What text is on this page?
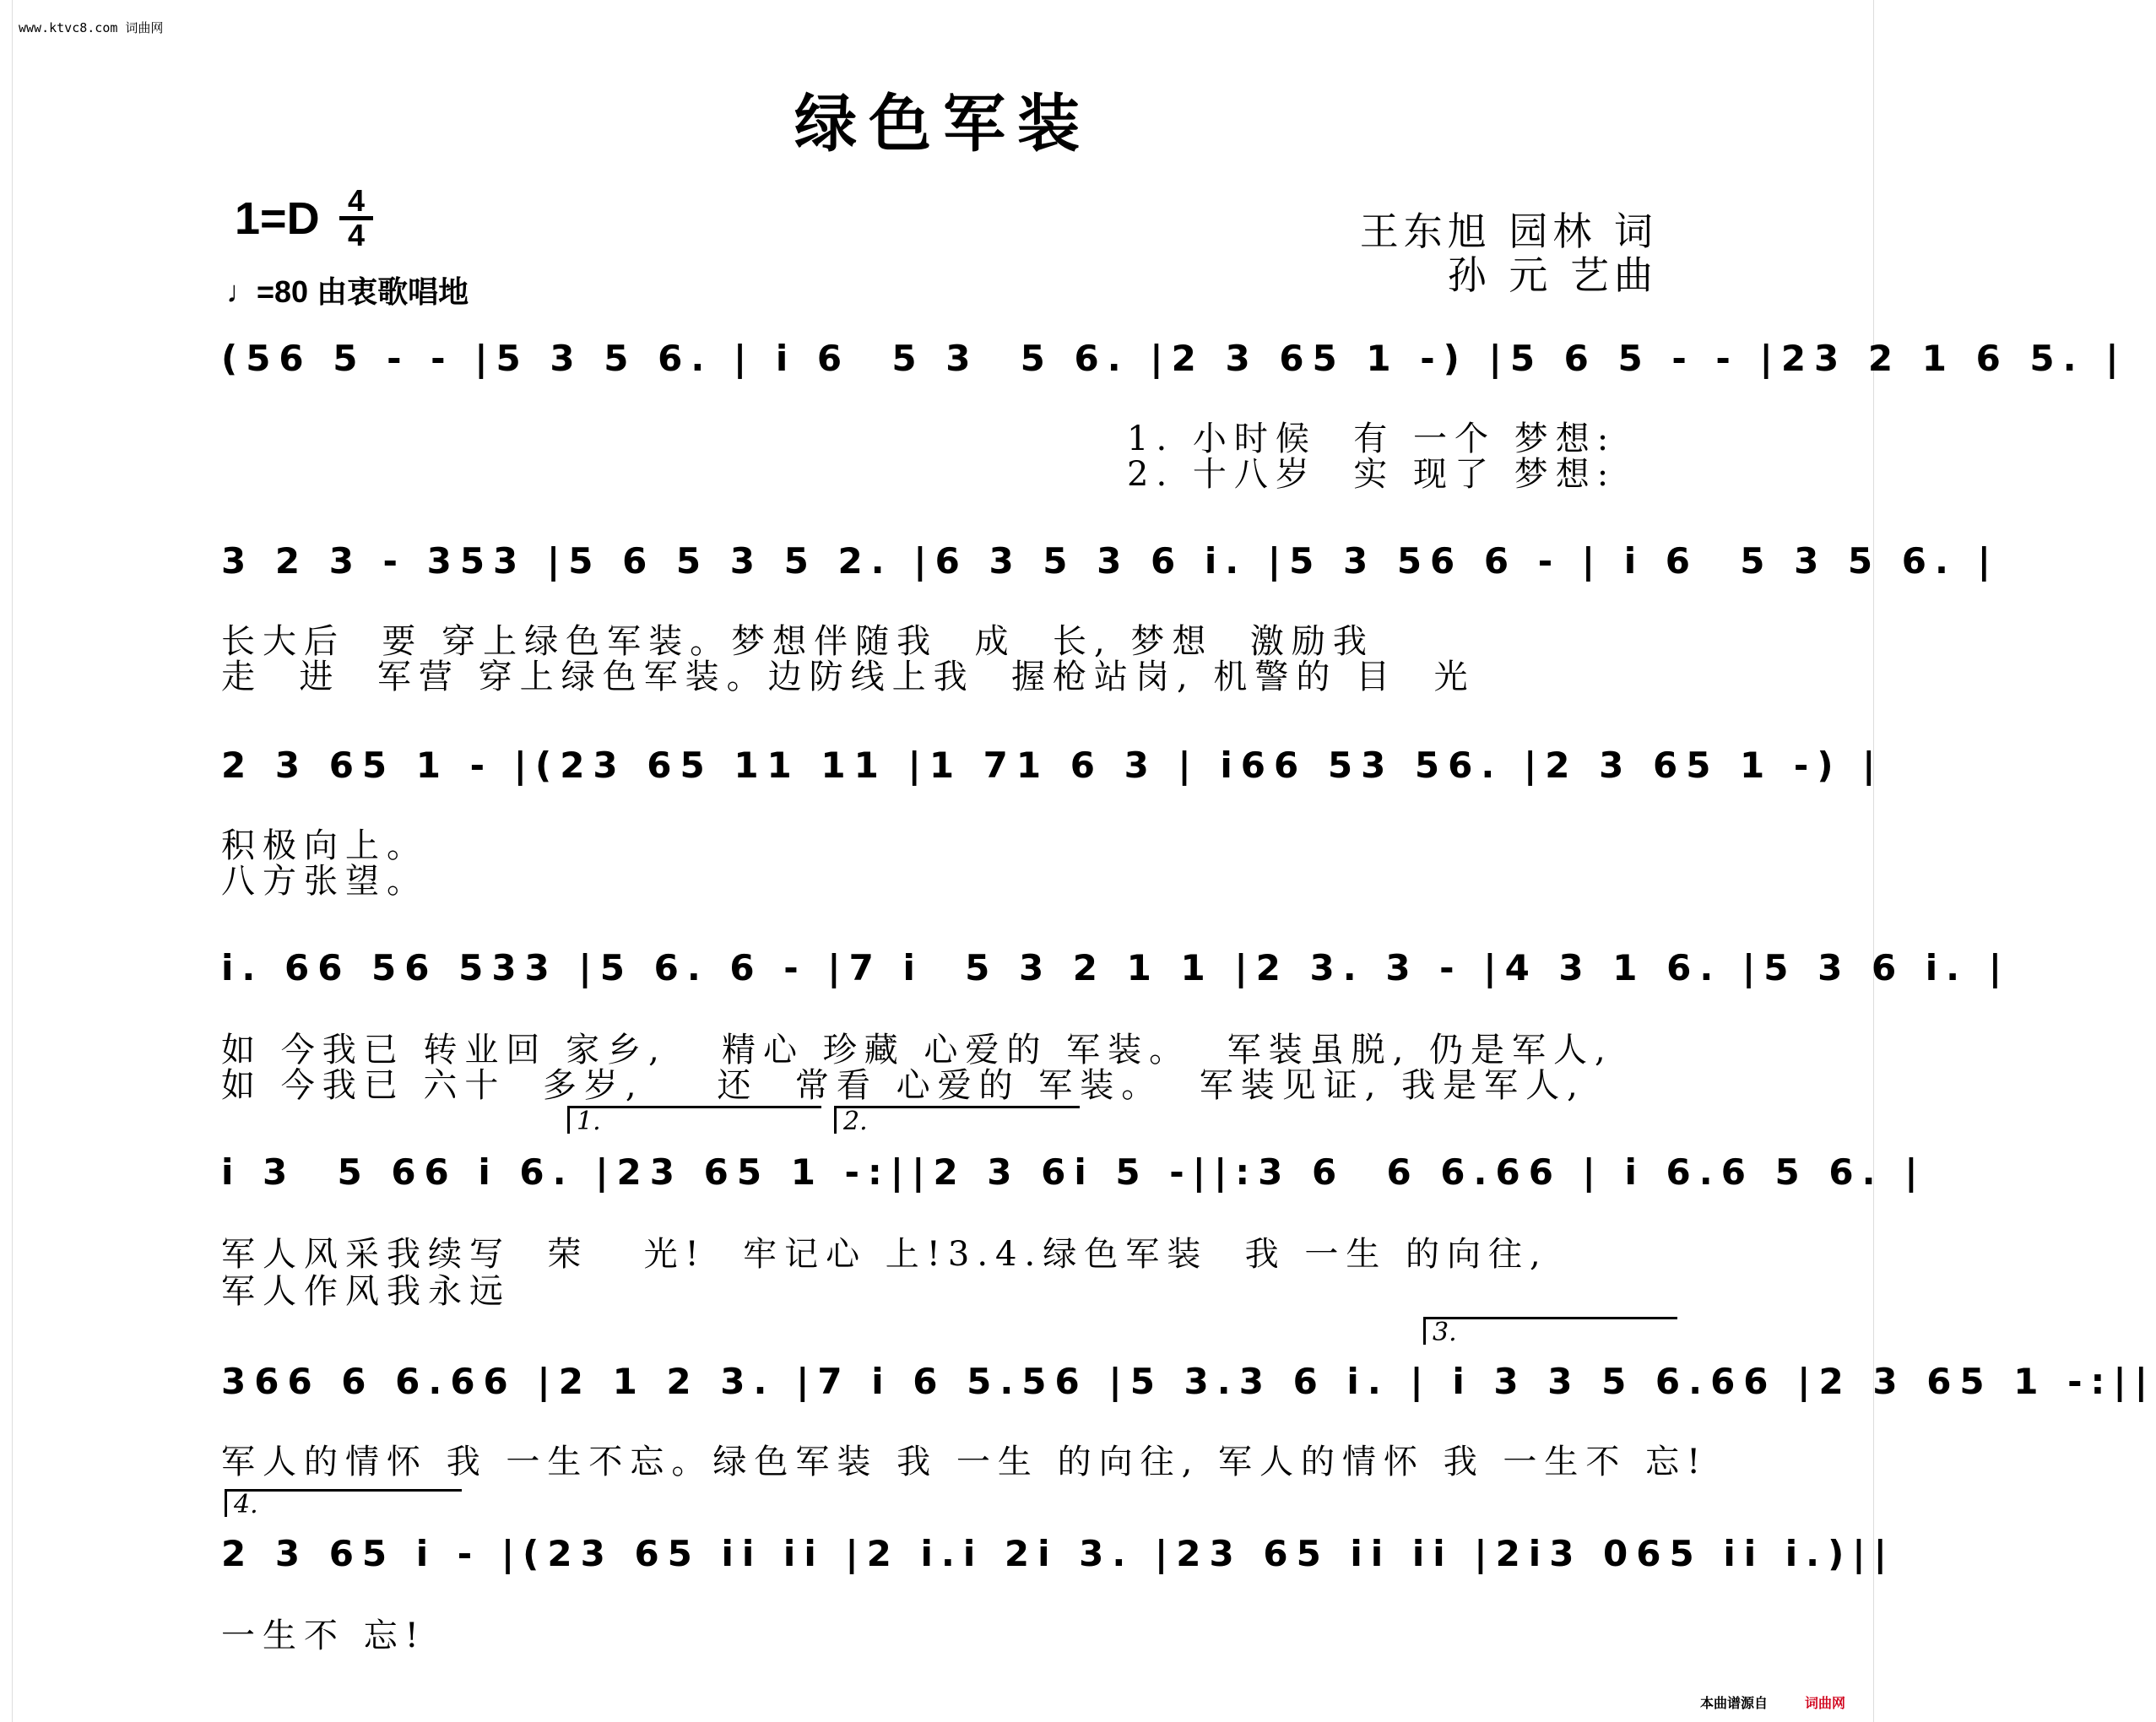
www.ktvc8.com 词曲网
绿色军装
1=D 4
4
♩=80 由衷歌唱地
王东旭 园林 词
孙 元 艺曲
(56 5 - - |5 3 5 6. | i 6  5 3  5 6. |2 3 65 1 -) |5 6 5 - - |23 2 1 6 5. |
1. 小时候  有 一个 梦想:
2. 十八岁  实 现了 梦想:
3 2 3 - 353 |5 6 5 3 5 2. |6 3 5 3 6 i. |5 3 56 6 - | i 6  5 3 5 6. |
长大后  要 穿上绿色军装。梦想伴随我  成  长, 梦想  激励我
走  进  军营 穿上绿色军装。边防线上我  握枪站岗, 机警的 目  光
2 3 65 1 - |(23 65 11 11 |1 71 6 3 | i66 53 56. |2 3 65 1 -) |
积极向上。
八方张望。
i. 66 56 533 |5 6. 6 - |7 i  5 3 2 1 1 |2 3. 3 - |4 3 1 6. |5 3 6 i. |
如 今我已 转业回 家乡,   精心 珍藏 心爱的 军装。  军装虽脱, 仍是军人,
如 今我已 六十  多岁,    还  常看 心爱的 军装。  军装见证, 我是军人,
1.	2.
i 3  5 66 i 6. |23 65 1 -:||2 3 6i 5 -||:3 6  6 6.66 | i 6.6 5 6. |
军人风采我续写  荣   光!  牢记心 上!3.4.绿色军装  我 一生 的向往,
军人作风我永远
3.
366 6 6.66 |2 1 2 3. |7 i 6 5.56 |5 3.3 6 i. | i 3 3 5 6.66 |2 3 65 1 -:||
军人的情怀 我 一生不忘。绿色军装 我 一生 的向往, 军人的情怀 我 一生不 忘!
4.
2 3 65 i - |(23 65 ii ii |2 i.i 2i 3. |23 65 ii ii |2i3 065 ii i.)||
一生不 忘!
本曲谱源自	词曲网
